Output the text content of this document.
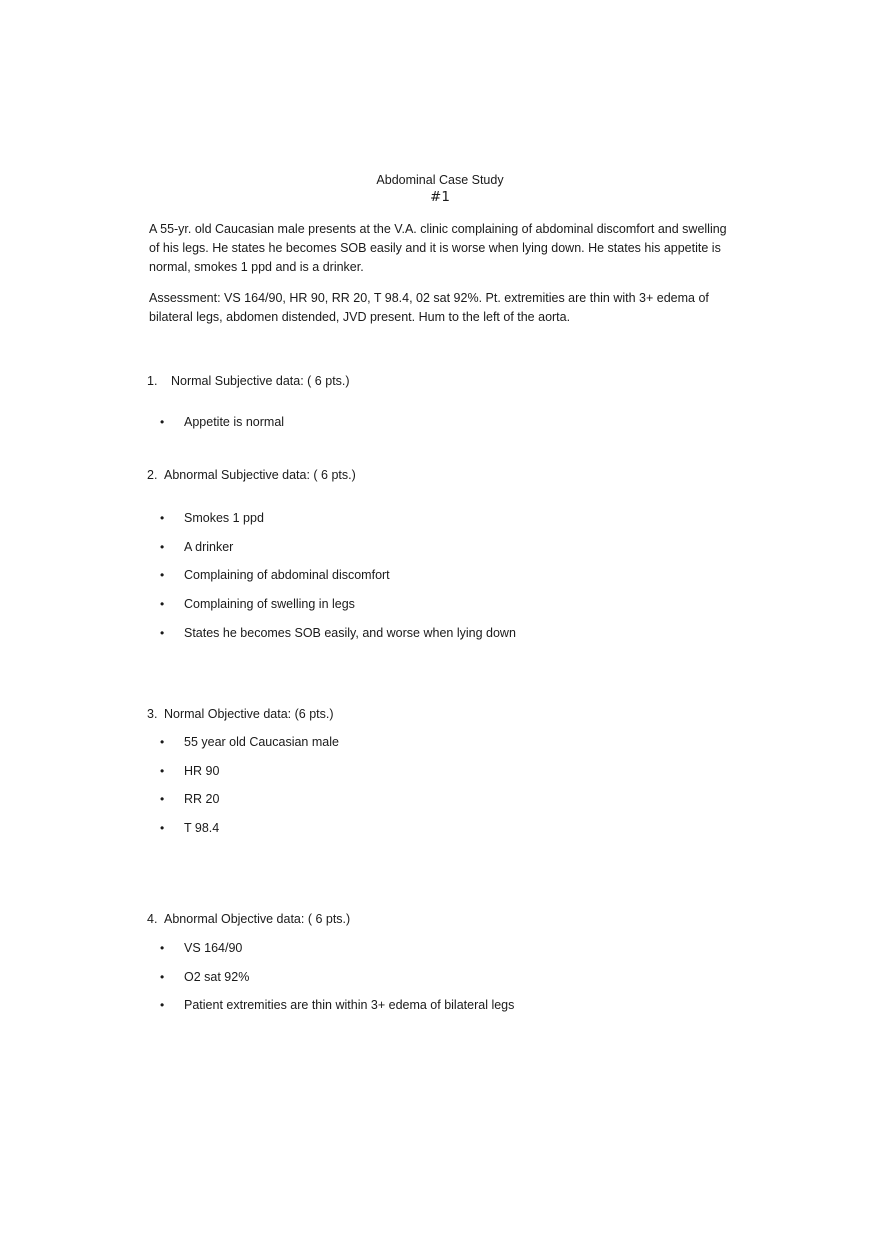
Abdominal Case Study
#1

A 55-yr. old Caucasian male presents at the V.A. clinic complaining of abdominal discomfort and swelling of his legs. He states he becomes SOB easily and it is worse when lying down. He states his appetite is normal, smokes 1 ppd and is a drinker.

Assessment: VS 164/90, HR 90, RR 20, T 98.4, 02 sat 92%. Pt. extremities are thin with 3+ edema of bilateral legs, abdomen distended, JVD present. Hum to the left of the aorta.

1. Normal Subjective data: ( 6 pts.)

• Appetite is normal

2. Abnormal Subjective data: ( 6 pts.)

• Smokes 1 ppd
• A drinker
• Complaining of abdominal discomfort
• Complaining of swelling in legs
• States he becomes SOB easily, and worse when lying down

3. Normal Objective data: (6 pts.)

• 55 year old Caucasian male
• HR 90
• RR 20
• T 98.4

4. Abnormal Objective data: ( 6 pts.)

• VS 164/90
• O2 sat 92%
• Patient extremities are thin within 3+ edema of bilateral legs
